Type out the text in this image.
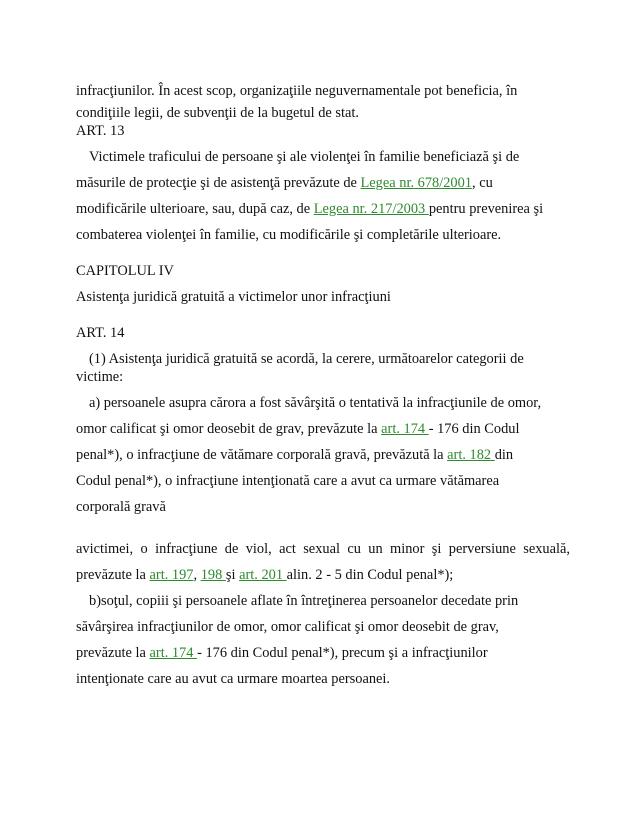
infracţiunilor. În acest scop, organizaţiile neguvernamentale pot beneficia, în
condiţiile legii, de subvenţii de la bugetul de stat.
ART. 13
Victimele traficului de persoane şi ale violenţei în familie beneficiază şi de
măsurile de protecţie şi de asistenţă prevăzute de Legea nr. 678/2001, cu
modificările ulterioare, sau, după caz, de Legea nr. 217/2003 pentru prevenirea şi
combaterea violenţei în familie, cu modificările şi completările ulterioare.
CAPITOLUL IV
Asistenţa juridică gratuită a victimelor unor infracţiuni
ART. 14
(1) Asistenţa juridică gratuită se acordă, la cerere, următoarelor categorii de
victime:
a) persoanele asupra cărora a fost săvârşită o tentativă la infracţiunile de omor,
omor calificat şi omor deosebit de grav, prevăzute la art. 174 - 176 din Codul
penal*), o infracţiune de vătămare corporală gravă, prevăzută la art. 182 din
Codul penal*), o infracţiune intenţionată care a avut ca urmare vătămarea
corporală gravă
avictimei, o infracţiune de viol, act sexual cu un minor şi perversiune sexuală,
prevăzute la art. 197, 198 şi art. 201 alin. 2 - 5 din Codul penal*);
b)soţul, copiii şi persoanele aflate în întreţinerea persoanelor decedate prin
săvârşirea infracţiunilor de omor, omor calificat şi omor deosebit de grav,
prevăzute la art. 174 - 176 din Codul penal*), precum şi a infracţiunilor
intenţionate care au avut ca urmare moartea persoanei.
